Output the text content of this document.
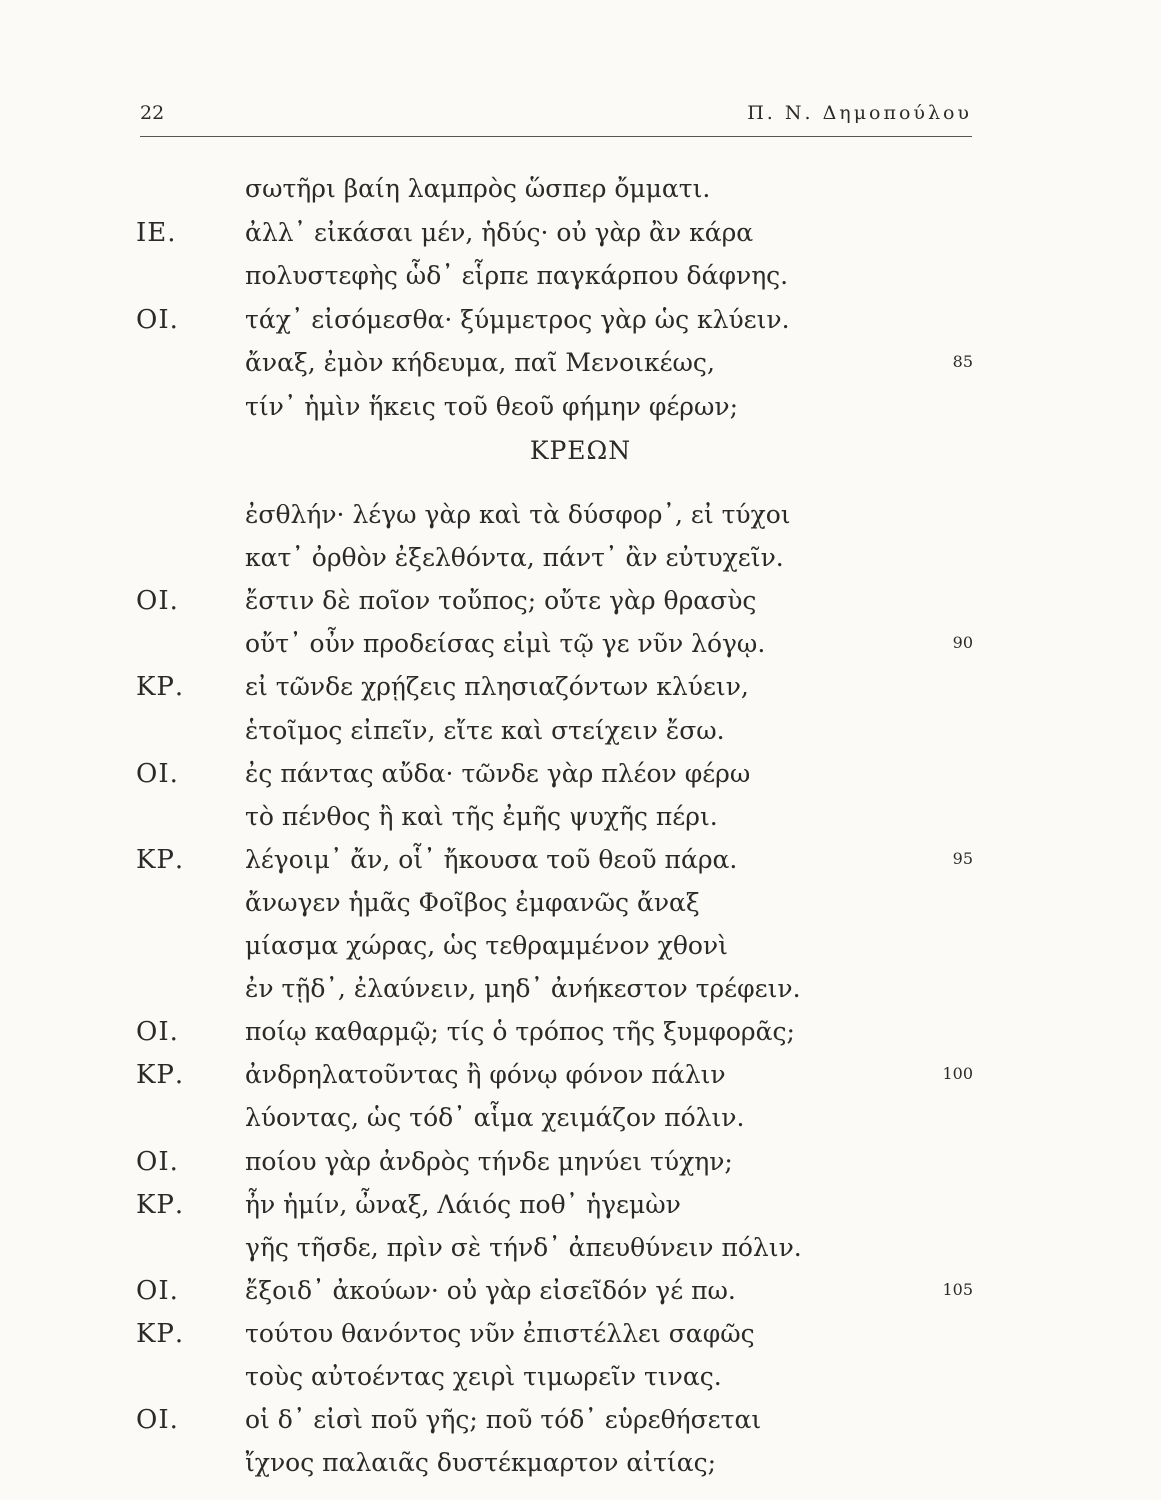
22	Π. Ν. Δημοπούλου
σωτῆρι βαίη λαμπρὸς ὥσπερ ὄμματι.
ΙΕ.	ἀλλ᾽ εἰκάσαι μέν, ἡδύς· οὐ γὰρ ἂν κάρα
πολυστεφὴς ὧδ᾽ εἷρπε παγκάρπου δάφνης.
ΟΙ.	τάχ᾽ εἰσόμεσθα· ξύμμετρος γὰρ ὡς κλύειν.
ἄναξ, ἐμὸν κήδευμα, παῖ Μενοικέως,	85
τίν᾽ ἡμὶν ἥκεις τοῦ θεοῦ φήμην φέρων;
ΚΡΕΩΝ
ἐσθλήν· λέγω γὰρ καὶ τὰ δύσφορ᾽, εἰ τύχοι
κατ᾽ ὀρθὸν ἐξελθόντα, πάντ᾽ ἂν εὐτυχεῖν.
ΟΙ.	ἔστιν δὲ ποῖον τοὔπος; οὔτε γὰρ θρασὺς
οὔτ᾽ οὖν προδείσας εἰμὶ τῷ γε νῦν λόγῳ.	90
ΚΡ. εἰ τῶνδε χρῄζεις πλησιαζόντων κλύειν,
ἑτοῖμος εἰπεῖν, εἴτε καὶ στείχειν ἔσω.
ΟΙ.	ἐς πάντας αὔδα· τῶνδε γὰρ πλέον φέρω
τὸ πένθος ἢ καὶ τῆς ἐμῆς ψυχῆς πέρι.
ΚΡ. λέγοιμ᾽ ἄν, οἷ᾽ ἤκουσα τοῦ θεοῦ πάρα.	95
ἄνωγεν ἡμᾶς Φοῖβος ἐμφανῶς ἄναξ
μίασμα χώρας, ὡς τεθραμμένον χθονὶ
ἐν τῇδ᾽, ἐλαύνειν, μηδ᾽ ἀνήκεστον τρέφειν.
ΟΙ.	ποίῳ καθαρμῷ; τίς ὁ τρόπος τῆς ξυμφορᾶς;
ΚΡ. ἀνδρηλατοῦντας ἢ φόνῳ φόνον πάλιν	100
λύοντας, ὡς τόδ᾽ αἷμα χειμάζον πόλιν.
ΟΙ.	ποίου γὰρ ἀνδρὸς τήνδε μηνύει τύχην;
ΚΡ. ἦν ἡμίν, ὦναξ, Λάιός ποθ᾽ ἡγεμὼν
γῆς τῆσδε, πρὶν σὲ τήνδ᾽ ἀπευθύνειν πόλιν.
ΟΙ.	ἔξοιδ᾽ ἀκούων· οὐ γὰρ εἰσεῖδόν γέ πω.	105
ΚΡ. τούτου θανόντος νῦν ἐπιστέλλει σαφῶς
τοὺς αὐτοέντας χειρὶ τιμωρεῖν τινας.
ΟΙ.	οἱ δ᾽ εἰσὶ ποῦ γῆς; ποῦ τόδ᾽ εὑρεθήσεται
ἴχνος παλαιᾶς δυστέκμαρτον αἰτίας;
